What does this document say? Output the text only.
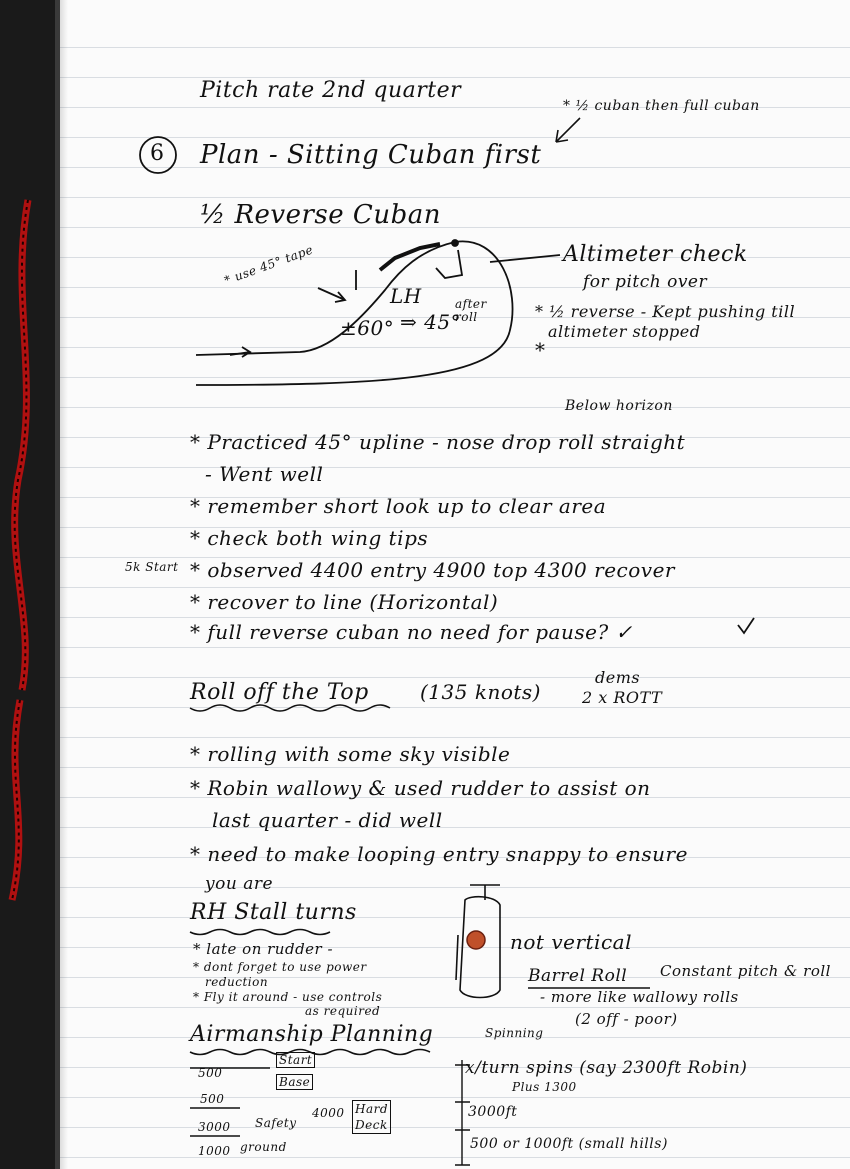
Pitch rate 2nd quarter
* ½ cuban then full cuban
6 Plan - Sitting Cuban first
½ Reverse Cuban
* use 45° tape
LH
±60° ⇒ 45°
after roll
Altimeter check
for pitch over
* ½ reverse - Kept pushing till
altimeter stopped
*
Below horizon
* Practiced 45° upline - nose drop roll straight
- Went well
* remember short look up to clear area
* check both wing tips
5k Start * observed 4400 entry 4900 top 4300 recover
* recover to line (Horizontal)
* full reverse cuban no need for pause? ✓
Roll off the Top	(135 knots)
dems
2 x ROTT
* rolling with some sky visible
* Robin wallowy & used rudder to assist on
last quarter - did well
* need to make looping entry snappy to ensure
you are
RH Stall turns
* late on rudder -
* dont forget to use power
reduction
* Fly it around - use controls
as required
not vertical
Barrel Roll Constant pitch & roll
- more like wallowy rolls
(2 off - poor)
Airmanship Planning
Start
500
Base
500
4000 Hard
Deck
3000 Safety
1000 ground
Spinning
x/turn spins (say 2300ft Robin)
Plus 1300
3000ft
500 or 1000ft (small hills)
